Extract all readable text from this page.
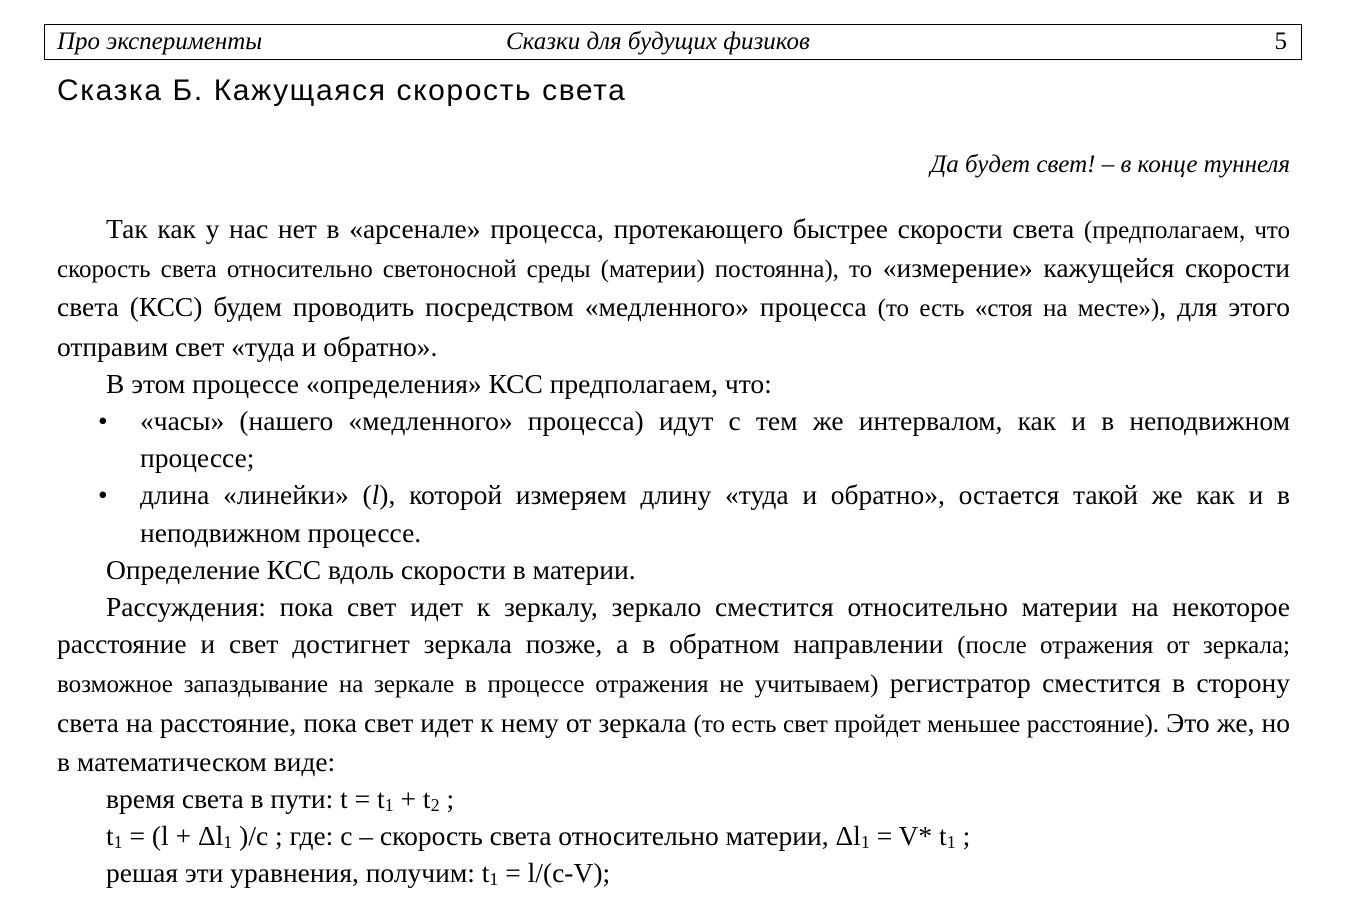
Про эксперименты	Сказки для будущих физиков	5
Сказка Б. Кажущаяся скорость света
Да будет свет! – в конце туннеля

Так как у нас нет в «арсенале» процесса, протекающего быстрее скорости света (предполагаем, что скорость света относительно светоносной среды (материи) постоянна), то «измерение» кажущейся скорости света (КСС) будем проводить посредством «медленного» процесса (то есть «стоя на месте»), для этого отправим свет «туда и обратно».

В этом процессе «определения» КСС предполагаем, что:

• «часы» (нашего «медленного» процесса) идут с тем же интервалом, как и в неподвижном процессе;
• длина «линейки» (l), которой измеряем длину «туда и обратно», остается такой же как и в неподвижном процессе.

Определение КСС вдоль скорости в материи.

Рассуждения: пока свет идет к зеркалу, зеркало сместится относительно материи на некоторое расстояние и свет достигнет зеркала позже, а в обратном направлении (после отражения от зеркала; возможное запаздывание на зеркале в процессе отражения не учитываем) регистратор сместится в сторону света на расстояние, пока свет идет к нему от зеркала (то есть свет пройдет меньшее расстояние). Это же, но в математическом виде:

время света в пути: $t = t_1 + t_2$ ;

$t_1 = (l + \Delta l_1$ )/c ; где: c – скорость света относительно материи, $\Delta l_1 = V*$ $t_1$ ;

решая эти уравнения, получим: $t_1 = l/(c-V)$;
